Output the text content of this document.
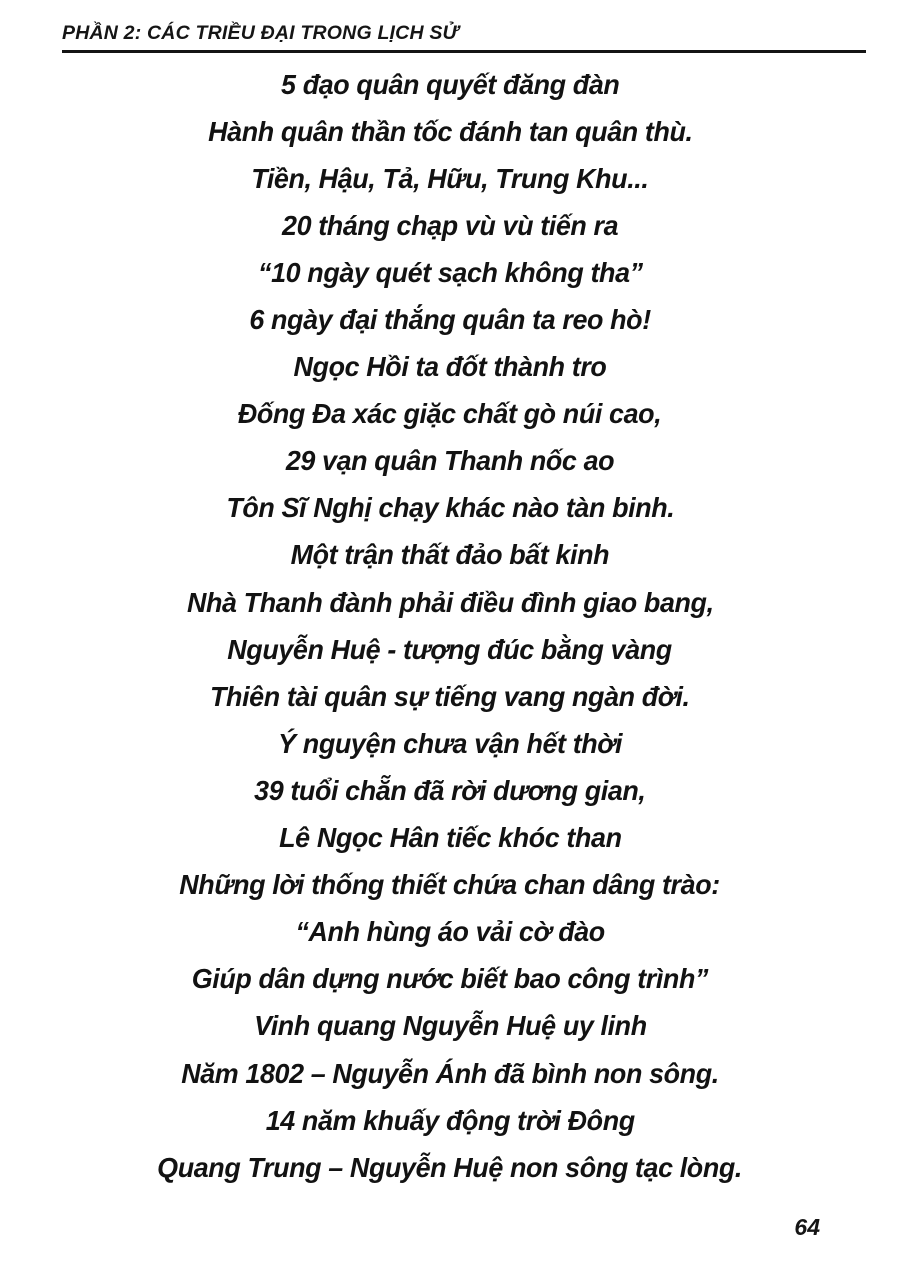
PHẦN 2: CÁC TRIỀU ĐẠI TRONG LỊCH SỬ
5 đạo quân quyết đăng đàn
Hành quân thần tốc đánh tan quân thù.
Tiền, Hậu, Tả, Hữu, Trung Khu...
20 tháng chạp vù vù tiến ra
“10 ngày quét sạch không tha”
6 ngày đại thắng quân ta reo hò!
Ngọc Hồi ta đốt thành tro
Đống Đa xác giặc chất gò núi cao,
29 vạn quân Thanh nốc ao
Tôn Sĩ Nghị chạy khác nào tàn binh.
Một trận thất đảo bất kinh
Nhà Thanh đành phải điều đình giao bang,
Nguyễn Huệ - tượng đúc bằng vàng
Thiên tài quân sự tiếng vang ngàn đời.
Ý nguyện chưa vận hết thời
39 tuổi chẵn đã rời dương gian,
Lê Ngọc Hân tiếc khóc than
Những lời thống thiết chứa chan dâng trào:
“Anh hùng áo vải cờ đào
Giúp dân dựng nước biết bao công trình”
Vinh quang Nguyễn Huệ uy linh
Năm 1802 – Nguyễn Ánh đã bình non sông.
14 năm khuấy động trời Đông
Quang Trung – Nguyễn Huệ non sông tạc lòng.
64
